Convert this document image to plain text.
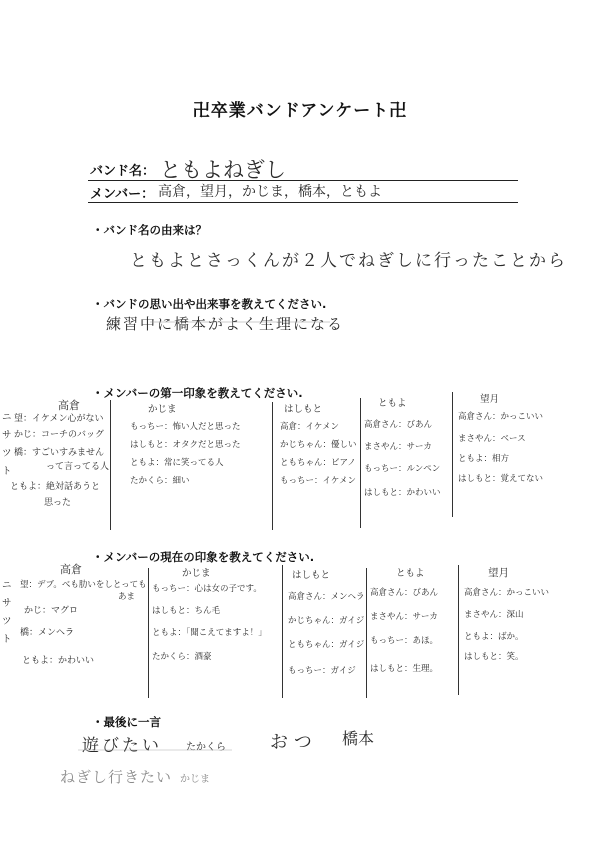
卍卒業バンドアンケート卍
バンド名： ともよねぎし
メンバー： 高倉，望月，かじま，橋本，ともよ
・バンド名の由来は？
ともよとさっくんが２人でねぎしに行ったことから
・バンドの思い出や出来事を教えてください.
練習中に橋本がよく生理になる
・メンバーの第一印象を教えてください.
高倉
ニ
サ
ツ
ト
望：イケメン心がない
かじ：コーチのバッグ
橋：すごいすみません
って言ってる人
ともよ：絶対話あうと
思った
かじま
もっちー：怖い人だと思った
はしもと：オタクだと思った
ともよ：常に笑ってる人
たかくら：細い
はしもと
高倉：イケメン
かじちゃん：優しい
ともちゃん：ビアノ
もっちー：イケメン
ともよ
高倉さん：びあん
まさやん：サーカ
もっちー：ルンペン
はしもと：かわいい
望月
高倉さん：かっこいい
まさやん：ベース
ともよ：相方
はしもと：覚えてない
・メンバーの現在の印象を教えてください.
高倉
ニ
サ
ツ
ト
望：デブ。べも肋いをしとっても
あま
かじ：マグロ
橋：メンヘラ
ともよ：かわいい
かじま
もっちー：心は女の子です。
はしもと：ちん毛
ともよ：「聞こえてますよ！」
たかくら：酒豪
はしもと
高倉さん：メンヘラ
かじちゃん：ガイジ
ともちゃん：ガイジ
もっちー：ガイジ
ともよ
高倉さん：びあん
まさやん：サーカ
もっちー：あほ。
はしもと：生理。
望月
高倉さん：かっこいい
まさやん：深山
ともよ：ばか。
はしもと：笑。
・最後に一言
遊びたい たかくら おつ 橋本
ねぎし行きたい かじま
